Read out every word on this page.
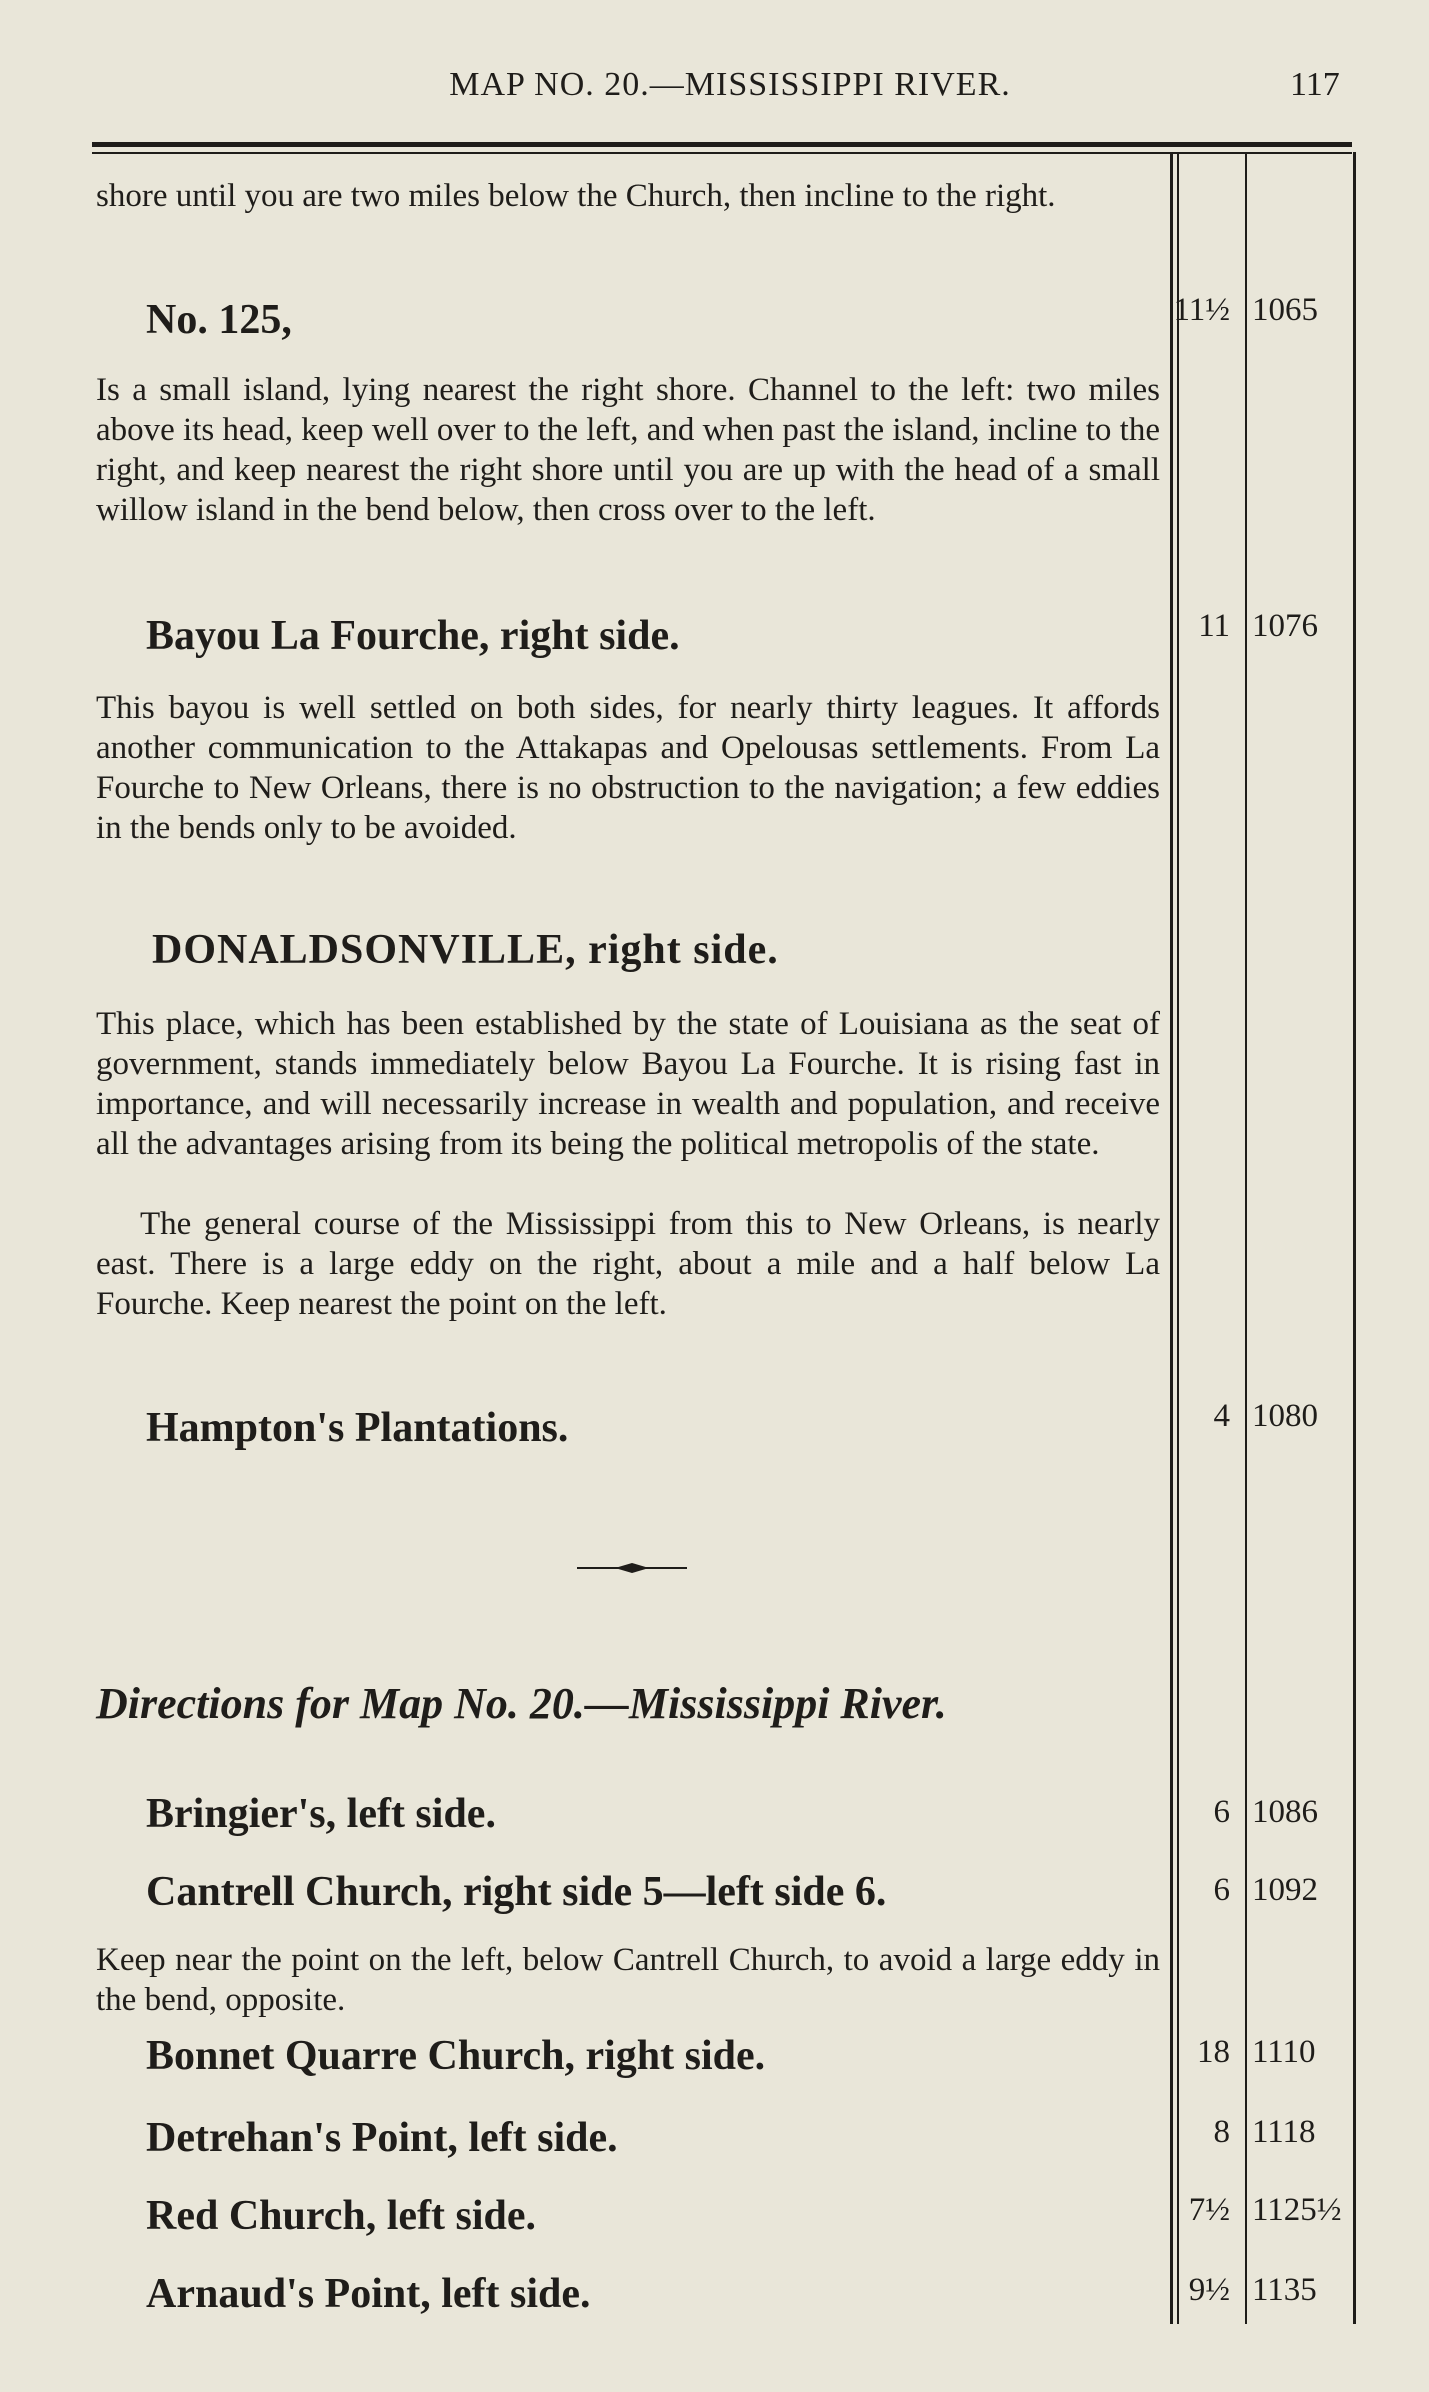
MAP NO. 20.—MISSISSIPPI RIVER.	117

shore until you are two miles below the Church, then incline to the right.

No. 125,	11½ 1065

Is a small island, lying nearest the right shore. Channel to the left: two miles above its head, keep well over to the left, and when past the island, incline to the right, and keep nearest the right shore until you are up with the head of a small willow island in the bend below, then cross over to the left.

Bayou La Fourche, right side.	11 1076

This bayou is well settled on both sides, for nearly thirty leagues. It affords another communication to the Attakapas and Opelousas settlements. From La Fourche to New Orleans, there is no obstruction to the navigation; a few eddies in the bends only to be avoided.

DONALDSONVILLE, right side.

This place, which has been established by the state of Louisiana as the seat of government, stands immediately below Bayou La Fourche. It is rising fast in importance, and will necessarily increase in wealth and population, and receive all the advantages arising from its being the political metropolis of the state.

The general course of the Mississippi from this to New Orleans, is nearly east. There is a large eddy on the right, about a mile and a half below La Fourche. Keep nearest the point on the left.

Hampton's Plantations.	4 1080
Directions for Map No. 20.—Mississippi River.
Bringier's, left side.	6 1086
Cantrell Church, right side 5—left side 6.	6 1092

Keep near the point on the left, below Cantrell Church, to avoid a large eddy in the bend, opposite.

Bonnet Quarre Church, right side.	18 1110
Detrehan's Point, left side.	8 1118
Red Church, left side.	7½ 1125½
Arnaud's Point, left side.	9½ 1135
